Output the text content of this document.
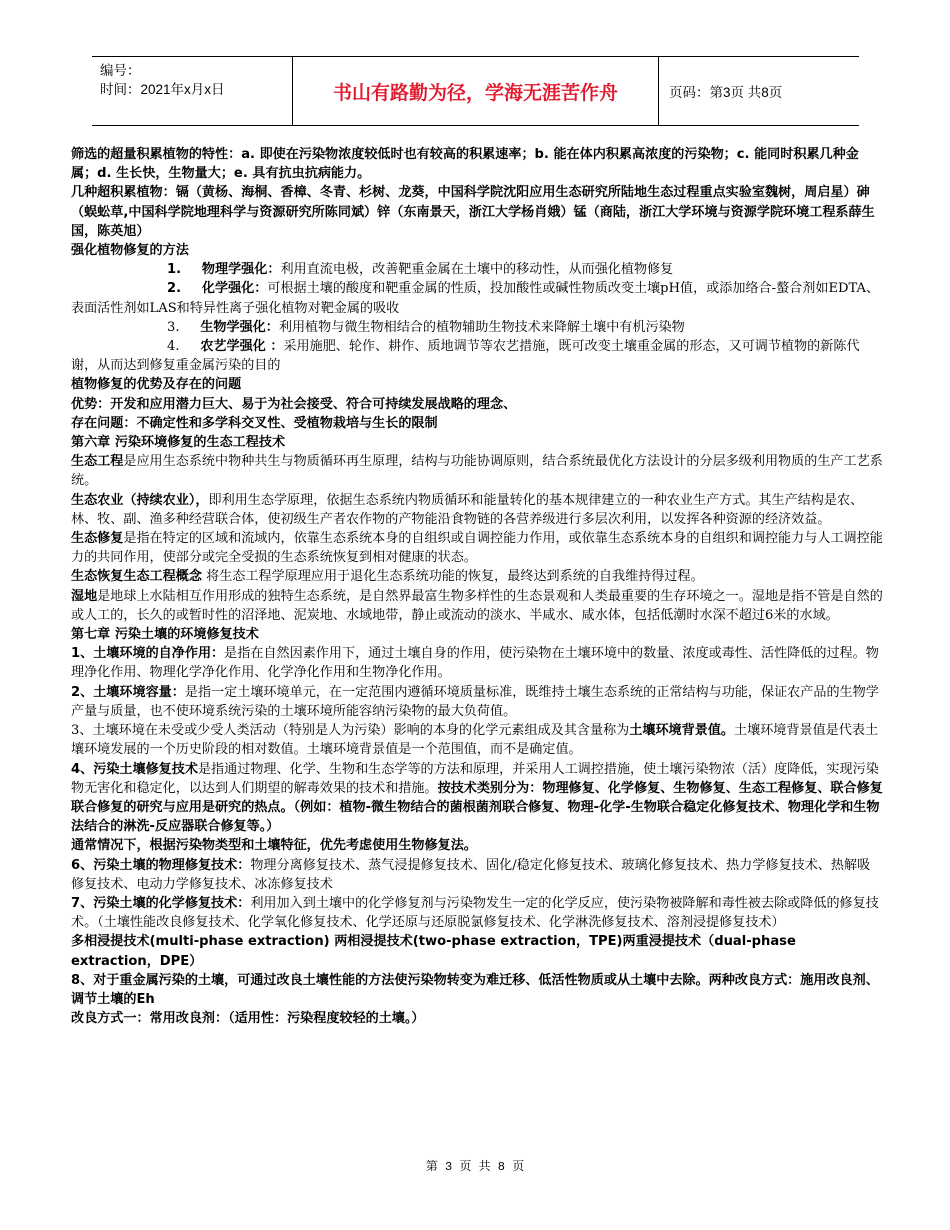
编号：
时间：2021年x月x日	书山有路勤为径，学海无涯苦作舟	页码：第3页 共8页

筛选的超量积累植物的特性：a. 即使在污染物浓度较低时也有较高的积累速率；b. 能在体内积累高浓度的污染物；c. 能同时积累几种金属；d. 生长快，生物量大；e. 具有抗虫抗病能力。

几种超积累植物：镉（黄杨、海桐、香樟、冬青、杉树、龙葵，中国科学院沈阳应用生态研究所陆地生态过程重点实验室魏树，周启星）砷（蜈蚣草,中国科学院地理科学与资源研究所陈同斌）锌（东南景天，浙江大学杨肖娥）锰（商陆，浙江大学环境与资源学院环境工程系薛生国，陈英旭）

强化植物修复的方法

1. 物理学强化：利用直流电极，改善靶重金属在土壤中的移动性，从而强化植物修复

2. 化学强化：可根据土壤的酸度和靶重金属的性质，投加酸性或碱性物质改变土壤pH值，或添加络合-螯合剂如EDTA、表面活性剂如LAS和特异性离子强化植物对靶金属的吸收

3. 生物学强化：利用植物与微生物相结合的植物辅助生物技术来降解土壤中有机污染物

4. 农艺学强化 ：采用施肥、轮作、耕作、质地调节等农艺措施，既可改变土壤重金属的形态，又可调节植物的新陈代谢，从而达到修复重金属污染的目的

植物修复的优势及存在的问题

优势：开发和应用潜力巨大、易于为社会接受、符合可持续发展战略的理念、

存在问题：不确定性和多学科交叉性、受植物栽培与生长的限制

第六章 污染环境修复的生态工程技术

生态工程是应用生态系统中物种共生与物质循环再生原理，结构与功能协调原则，结合系统最优化方法设计的分层多级利用物质的生产工艺系统。

生态农业（持续农业），即利用生态学原理，依据生态系统内物质循环和能量转化的基本规律建立的一种农业生产方式。其生产结构是农、林、牧、副、渔多种经营联合体，使初级生产者农作物的产物能沿食物链的各营养级进行多层次利用，以发挥各种资源的经济效益。

生态修复是指在特定的区域和流域内，依靠生态系统本身的自组织或自调控能力作用，或依靠生态系统本身的自组织和调控能力与人工调控能力的共同作用，使部分或完全受损的生态系统恢复到相对健康的状态。

生态恢复生态工程概念 将生态工程学原理应用于退化生态系统功能的恢复，最终达到系统的自我维持得过程。

湿地是地球上水陆相互作用形成的独特生态系统，是自然界最富生物多样性的生态景观和人类最重要的生存环境之一。湿地是指不管是自然的或人工的，长久的或暂时性的沼泽地、泥炭地、水域地带，静止或流动的淡水、半咸水、咸水体，包括低潮时水深不超过6米的水域。

第七章 污染土壤的环境修复技术

1、土壤环境的自净作用：是指在自然因素作用下，通过土壤自身的作用，使污染物在土壤环境中的数量、浓度或毒性、活性降低的过程。物理净化作用、物理化学净化作用、化学净化作用和生物净化作用。

2、土壤环境容量：是指一定土壤环境单元，在一定范围内遵循环境质量标准，既维持土壤生态系统的正常结构与功能，保证农产品的生物学产量与质量，也不使环境系统污染的土壤环境所能容纳污染物的最大负荷值。

3、土壤环境在未受或少受人类活动（特别是人为污染）影响的本身的化学元素组成及其含量称为土壤环境背景值。土壤环境背景值是代表土壤环境发展的一个历史阶段的相对数值。土壤环境背景值是一个范围值，而不是确定值。

4、污染土壤修复技术是指通过物理、化学、生物和生态学等的方法和原理，并采用人工调控措施，使土壤污染物浓（活）度降低，实现污染物无害化和稳定化，以达到人们期望的解毒效果的技术和措施。按技术类别分为：物理修复、化学修复、生物修复、生态工程修复、联合修复

联合修复的研究与应用是研究的热点。（例如：植物-微生物结合的菌根菌剂联合修复、物理-化学-生物联合稳定化修复技术、物理化学和生物法结合的淋洗-反应器联合修复等。）

通常情况下，根据污染物类型和土壤特征，优先考虑使用生物修复法。

6、污染土壤的物理修复技术：物理分离修复技术、蒸气浸提修复技术、固化/稳定化修复技术、玻璃化修复技术、热力学修复技术、热解吸修复技术、电动力学修复技术、冰冻修复技术

7、污染土壤的化学修复技术：利用加入到土壤中的化学修复剂与污染物发生一定的化学反应，使污染物被降解和毒性被去除或降低的修复技术。（土壤性能改良修复技术、化学氧化修复技术、化学还原与还原脱氯修复技术、化学淋洗修复技术、溶剂浸提修复技术）

多相浸提技术(multi-phase extraction) 两相浸提技术(two-phase extraction，TPE)两重浸提技术（dual-phase extraction，DPE）

8、对于重金属污染的土壤，可通过改良土壤性能的方法使污染物转变为难迁移、低活性物质或从土壤中去除。两种改良方式：施用改良剂、调节土壤的Eh

改良方式一：常用改良剂：（适用性：污染程度较轻的土壤。）

第 3 页 共 8 页
